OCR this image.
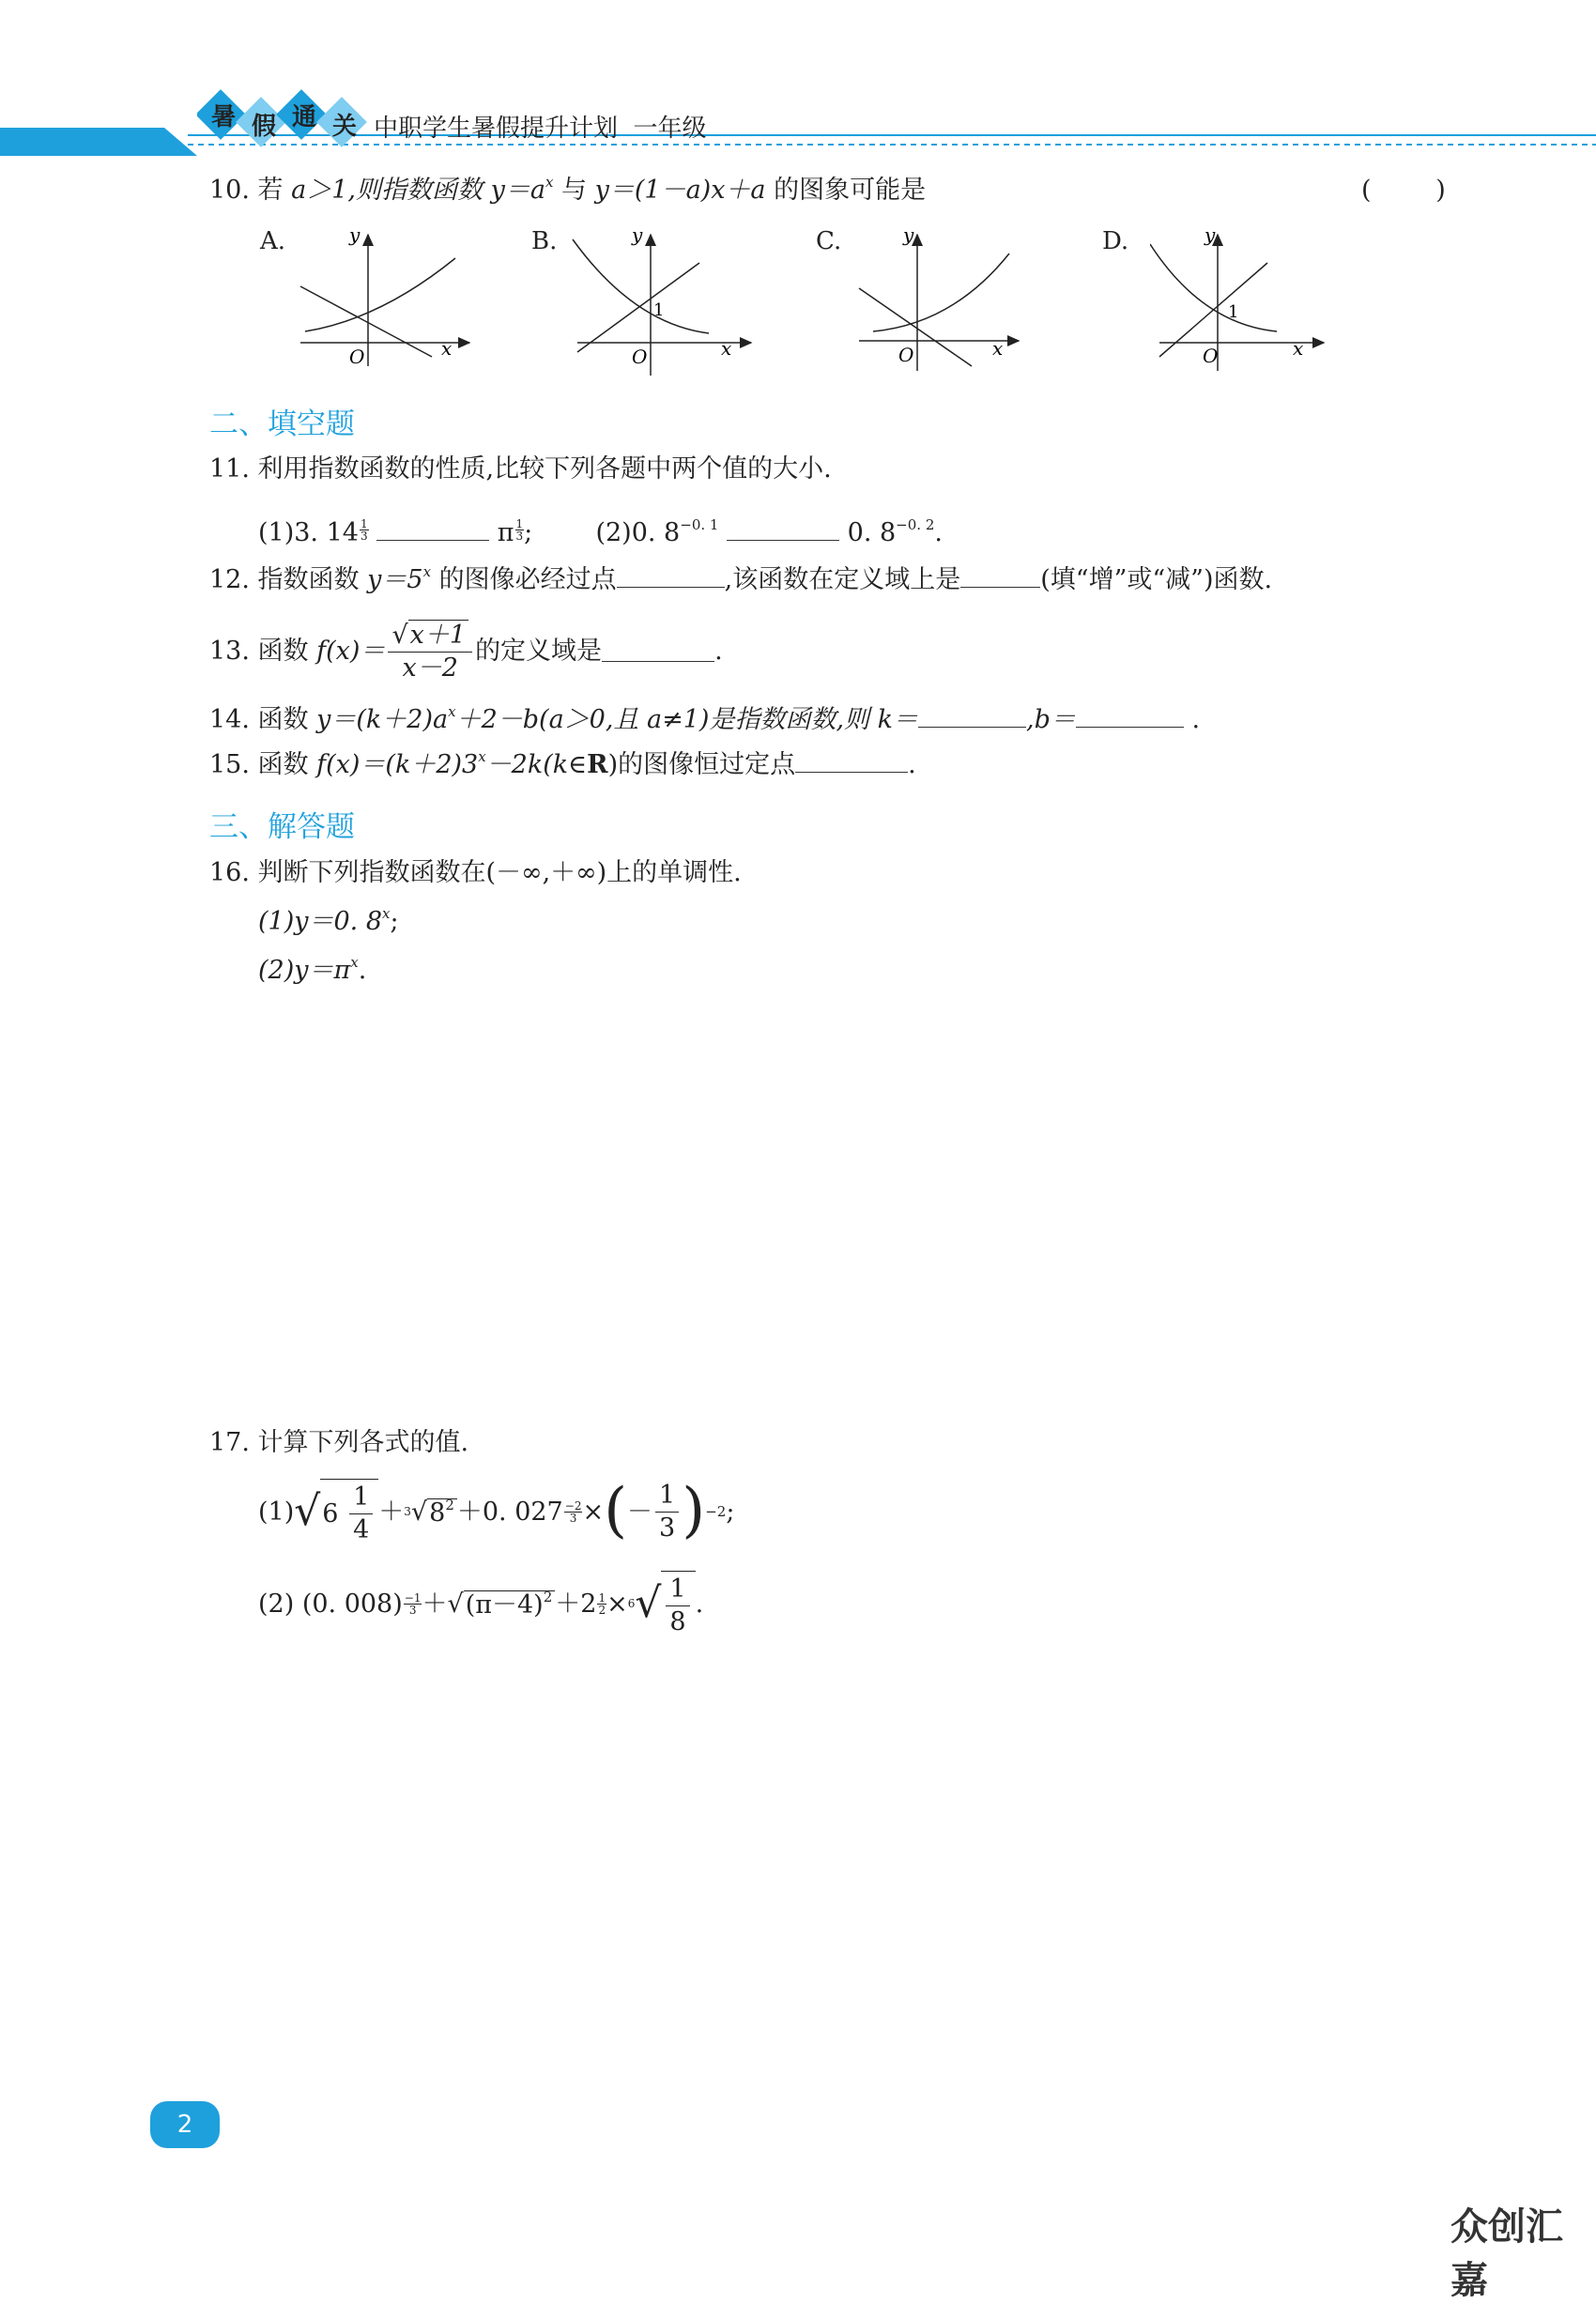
暑 假 通 关 中职学生暑假提升计划  一年级
10. 若 a＞1,则指数函数 $y=a^x$ 与 y＝(1－a)x＋a 的图象可能是	(        )
A.	B.	C.	D.
y
x
O
y
x
O
1
y
x
O
y
x
O
1
二、填空题
11. 利用指数函数的性质,比较下列各题中两个值的大小.
(1)3. $14 \frac{1}{3}$	π $\frac{1}{3}$ ; (2)0. $8^{-0. 1}$	0. $8^{-0. 2}$.
12. 指数函数 $y=5^x$ 的图像必经过点	,该函数在定义域上是	(填“增”或“减”)函数.
13.
函数
$f(x)= \frac{√x+1}{x-2}$ 的定义域是	.
14. 函数 $y=(k+2)a^x+2-b(a>0$,且 a≠1)是指数函数,则 k＝	,b＝	.
15. 函数 $f(x)=(k+2)3^x-2k(k\in R)$的图像恒过定点	.
三、解答题
16. 判断下列指数函数在(－∞,＋∞)上的单调性.
(1)y＝0. 8$^x$;
$(2)y=\pi^x$.
17. 计算下列各式的值.
(1) √ 6
$\frac{1}{4} + 3$ √ $8^2 +0$. $027 \frac{-2}{3}$ × ( － $\frac{1}{3}$ ) −2 ;
(2) (0. 008) −1
3 ＋ √ $(\pi-4)^2 +2 \frac{1}{2} \times 6$ √ $\frac{1}{8}$ .
2
众创汇嘉
